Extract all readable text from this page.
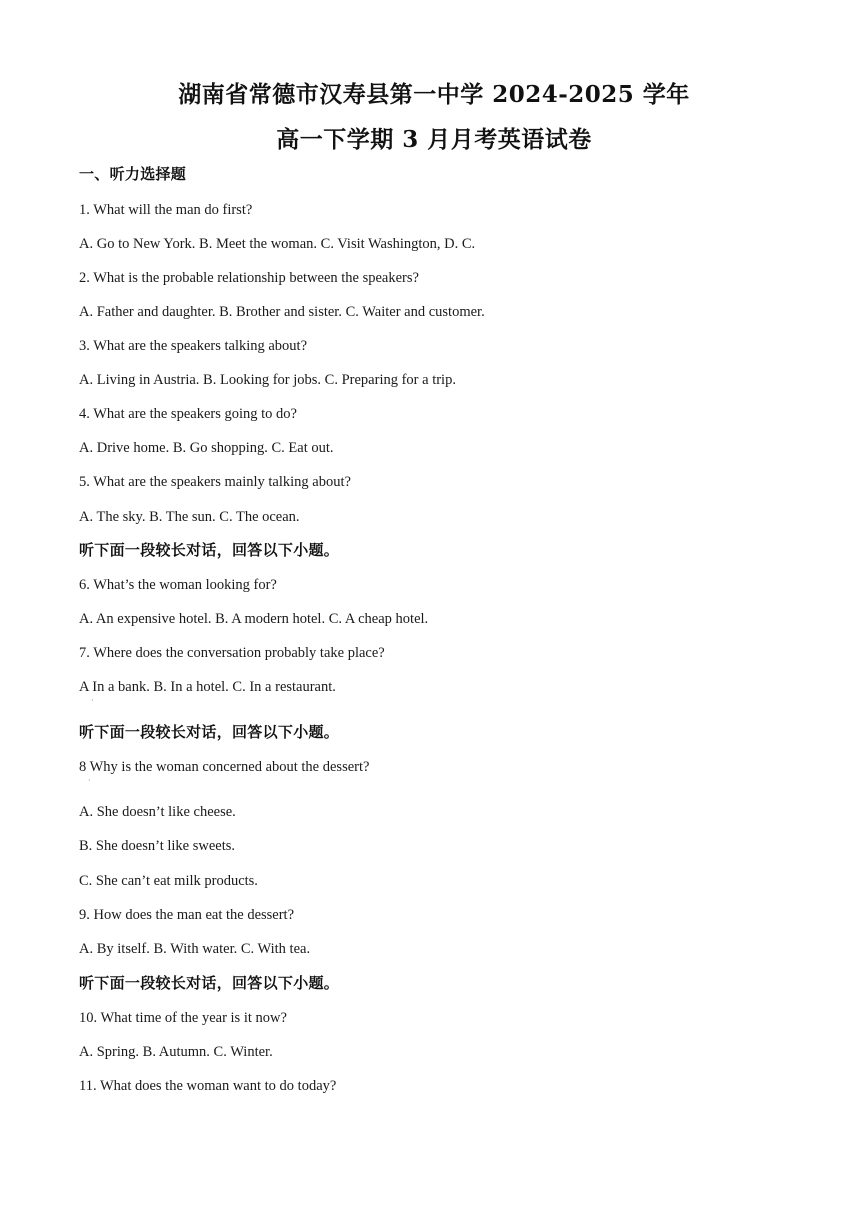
湖南省常德市汉寿县第一中学 2024-2025 学年
高一下学期 3 月月考英语试卷
一、听力选择题
1. What will the man do first?
A. Go to New York. B. Meet the woman. C. Visit Washington, D. C.
2. What is the probable relationship between the speakers?
A. Father and daughter. B. Brother and sister. C. Waiter and customer.
3. What are the speakers talking about?
A. Living in Austria. B. Looking for jobs. C. Preparing for a trip.
4. What are the speakers going to do?
A. Drive home. B. Go shopping. C. Eat out.
5. What are the speakers mainly talking about?
A. The sky. B. The sun. C. The ocean.
听下面一段较长对话，回答以下小题。
6. What’s the woman looking for?
A. An expensive hotel. B. A modern hotel. C. A cheap hotel.
7. Where does the conversation probably take place?
A In a bank. B. In a hotel. C. In a restaurant.
·
听下面一段较长对话，回答以下小题。
8 Why is the woman concerned about the dessert?
·
A. She doesn’t like cheese.
B. She doesn’t like sweets.
C. She can’t eat milk products.
9. How does the man eat the dessert?
A. By itself. B. With water. C. With tea.
听下面一段较长对话，回答以下小题。
10. What time of the year is it now?
A. Spring. B. Autumn. C. Winter.
11. What does the woman want to do today?
